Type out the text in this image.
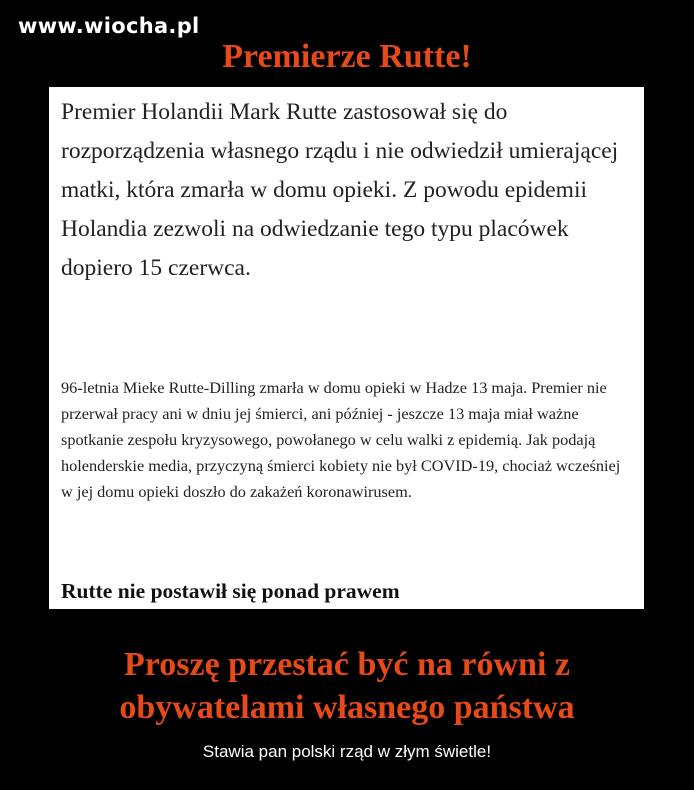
www.wiocha.pl
Premierze Rutte!

Premier Holandii Mark Rutte zastosował się do rozporządzenia własnego rządu i nie odwiedził umierającej matki, która zmarła w domu opieki. Z powodu epidemii Holandia zezwoli na odwiedzanie tego typu placówek dopiero 15 czerwca.

96-letnia Mieke Rutte-Dilling zmarła w domu opieki w Hadze 13 maja. Premier nie przerwał pracy ani w dniu jej śmierci, ani później - jeszcze 13 maja miał ważne spotkanie zespołu kryzysowego, powołanego w celu walki z epidemią. Jak podają holenderskie media, przyczyną śmierci kobiety nie był COVID-19, chociaż wcześniej w jej domu opieki doszło do zakażeń koronawirusem.

Rutte nie postawił się ponad prawem

Proszę przestać być na równi z
obywatelami własnego państwa
Stawia pan polski rząd w złym świetle!
